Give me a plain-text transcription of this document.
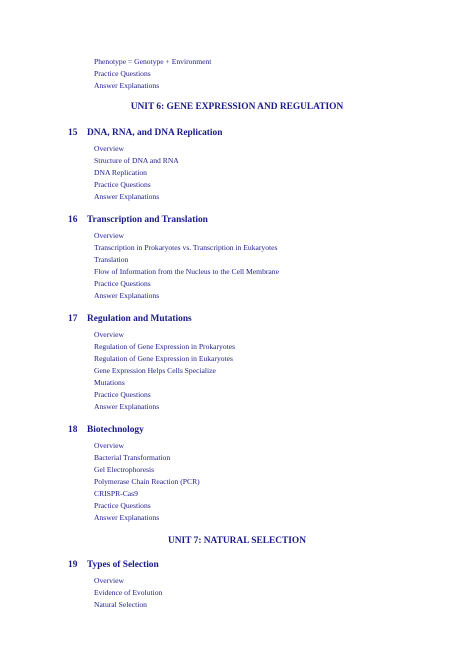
Phenotype = Genotype + Environment
Practice Questions
Answer Explanations
UNIT 6: GENE EXPRESSION AND REGULATION
15 DNA, RNA, and DNA Replication
Overview
Structure of DNA and RNA
DNA Replication
Practice Questions
Answer Explanations
16 Transcription and Translation
Overview
Transcription in Prokaryotes vs. Transcription in Eukaryotes
Translation
Flow of Information from the Nucleus to the Cell Membrane
Practice Questions
Answer Explanations
17 Regulation and Mutations
Overview
Regulation of Gene Expression in Prokaryotes
Regulation of Gene Expression in Eukaryotes
Gene Expression Helps Cells Specialize
Mutations
Practice Questions
Answer Explanations
18 Biotechnology
Overview
Bacterial Transformation
Gel Electrophoresis
Polymerase Chain Reaction (PCR)
CRISPR-Cas9
Practice Questions
Answer Explanations
UNIT 7: NATURAL SELECTION
19 Types of Selection
Overview
Evidence of Evolution
Natural Selection
